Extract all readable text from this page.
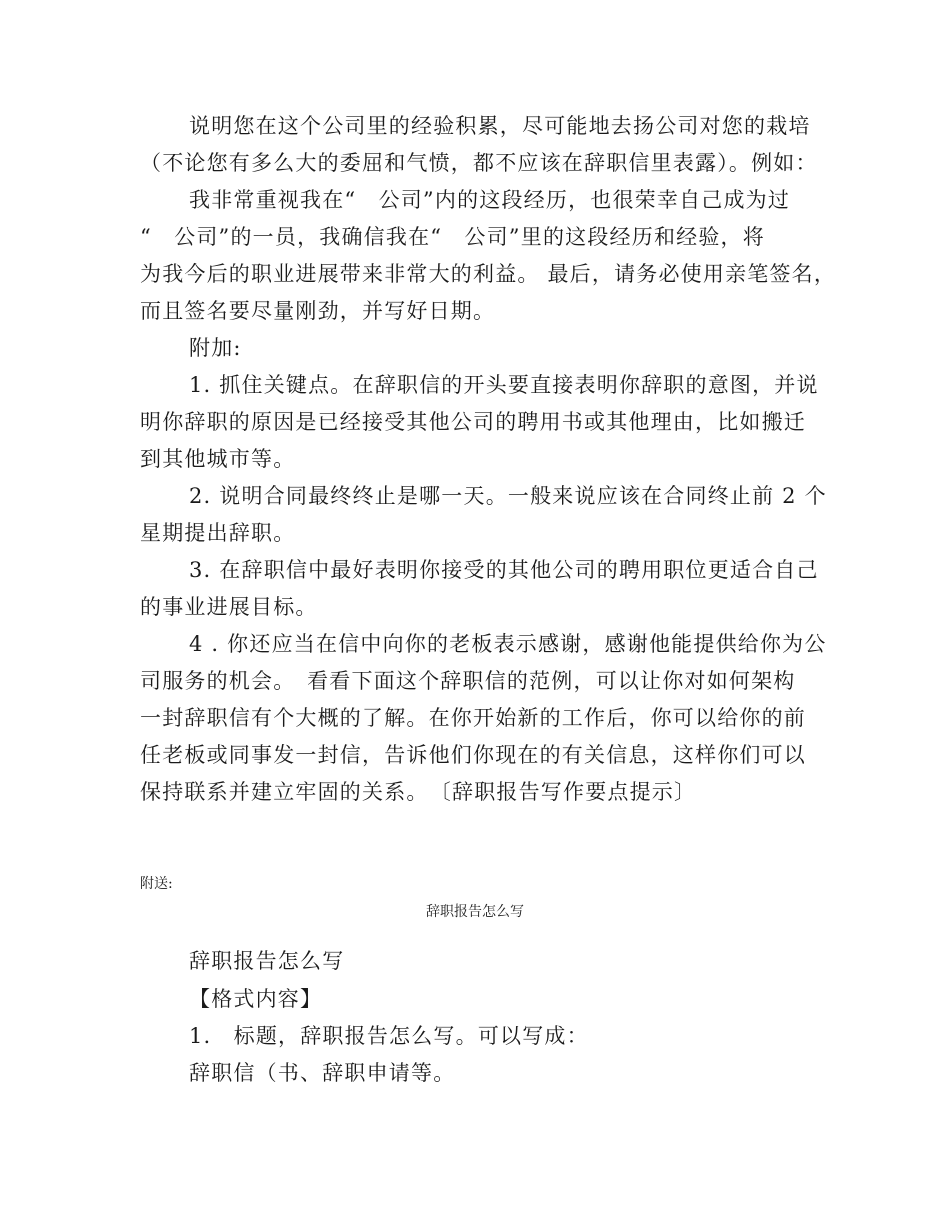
说明您在这个公司里的经验积累，尽可能地去扬公司对您的栽培
（不论您有多么大的委屈和气愤，都不应该在辞职信里表露）。例如：
我非常重视我在“　公司”内的这段经历，也很荣幸自己成为过
“　公司”的一员，我确信我在“　公司”里的这段经历和经验，将
为我今后的职业进展带来非常大的利益。 最后，请务必使用亲笔签名，
而且签名要尽量刚劲，并写好日期。
附加:
1. 抓住关键点。在辞职信的开头要直接表明你辞职的意图，并说
明你辞职的原因是已经接受其他公司的聘用书或其他理由，比如搬迁
到其他城市等。
2. 说明合同最终终止是哪一天。一般来说应该在合同终止前 2 个
星期提出辞职。
3. 在辞职信中最好表明你接受的其他公司的聘用职位更适合自己
的事业进展目标。
4 . 你还应当在信中向你的老板表示感谢，感谢他能提供给你为公
司服务的机会。　看看下面这个辞职信的范例，可以让你对如何架构
一封辞职信有个大概的了解。在你开始新的工作后，你可以给你的前
任老板或同事发一封信，告诉他们你现在的有关信息，这样你们可以
保持联系并建立牢固的关系。　〔辞职报告写作要点提示〕
附送:
辞职报告怎么写
辞职报告怎么写
【格式内容】
1.　标题，辞职报告怎么写。可以写成：
辞职信（书、辞职申请等。
